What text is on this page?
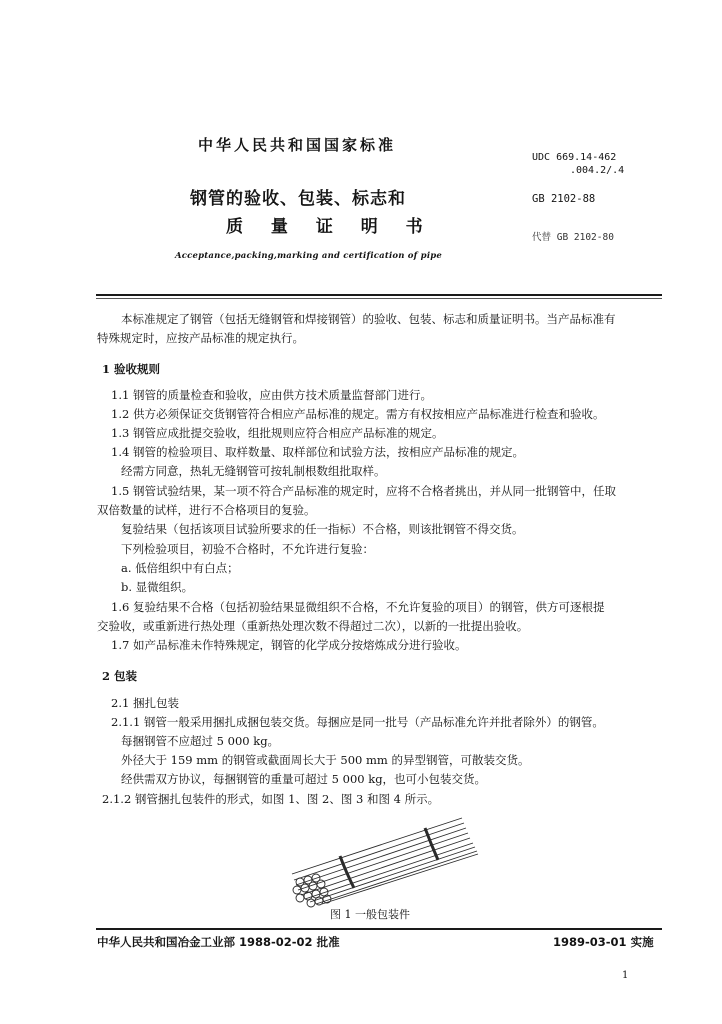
中华人民共和国国家标准
钢管的验收、包装、标志和
质 量 证 明 书
Acceptance,packing,marking and certification of pipe
UDC 669.14-462
.004.2/.4
GB 2102-88
代替 GB 2102-80
本标准规定了钢管（包括无缝钢管和焊接钢管）的验收、包装、标志和质量证明书。当产品标准有
特殊规定时，应按产品标准的规定执行。
1 验收规则
1.1 钢管的质量检查和验收，应由供方技术质量监督部门进行。
1.2 供方必须保证交货钢管符合相应产品标准的规定。需方有权按相应产品标准进行检查和验收。
1.3 钢管应成批提交验收，组批规则应符合相应产品标准的规定。
1.4 钢管的检验项目、取样数量、取样部位和试验方法，按相应产品标准的规定。
经需方同意，热轧无缝钢管可按轧制根数组批取样。
1.5 钢管试验结果，某一项不符合产品标准的规定时，应将不合格者挑出，并从同一批钢管中，任取
双倍数量的试样，进行不合格项目的复验。
复验结果（包括该项目试验所要求的任一指标）不合格，则该批钢管不得交货。
下列检验项目，初验不合格时，不允许进行复验：
a. 低倍组织中有白点；
b. 显微组织。
1.6 复验结果不合格（包括初验结果显微组织不合格，不允许复验的项目）的钢管，供方可逐根提
交验收，或重新进行热处理（重新热处理次数不得超过二次），以新的一批提出验收。
1.7 如产品标准未作特殊规定，钢管的化学成分按熔炼成分进行验收。
2 包装
2.1 捆扎包装
2.1.1 钢管一般采用捆扎成捆包装交货。每捆应是同一批号（产品标准允许并批者除外）的钢管。
每捆钢管不应超过 5 000 kg。
外径大于 159 mm 的钢管或截面周长大于 500 mm 的异型钢管，可散装交货。
经供需双方协议，每捆钢管的重量可超过 5 000 kg，也可小包装交货。
2.1.2 钢管捆扎包装件的形式，如图 1、图 2、图 3 和图 4 所示。
图 1 一般包装件
中华人民共和国冶金工业部 1988-02-02 批准	1989-03-01 实施
1
